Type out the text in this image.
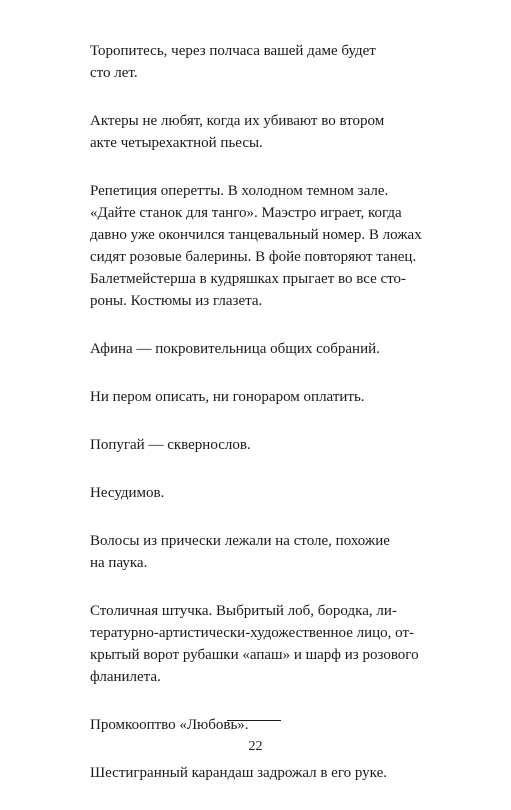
Торопитесь, через полчаса вашей даме будет
сто лет.

Актеры не любят, когда их убивают во втором
акте четырехактной пьесы.

Репетиция оперетты. В холодном темном зале.
«Дайте станок для танго». Маэстро играет, когда
давно уже окончился танцевальный номер. В ложах
сидят розовые балерины. В фойе повторяют танец.
Балетмейстерша в кудряшках прыгает во все сто-
роны. Костюмы из глазета.

Афина — покровительница общих собраний.

Ни пером описать, ни гонораром оплатить.

Попугай — сквернослов.

Несудимов.

Волосы из прически лежали на столе, похожие
на паука.

Столичная штучка. Выбритый лоб, бородка, ли-
тературно-артистически-художественное лицо, от-
крытый ворот рубашки «апаш» и шарф из розового
фланилета.

Промкооптво «Любовь».

Шестигранный карандаш задрожал в его руке.

22
